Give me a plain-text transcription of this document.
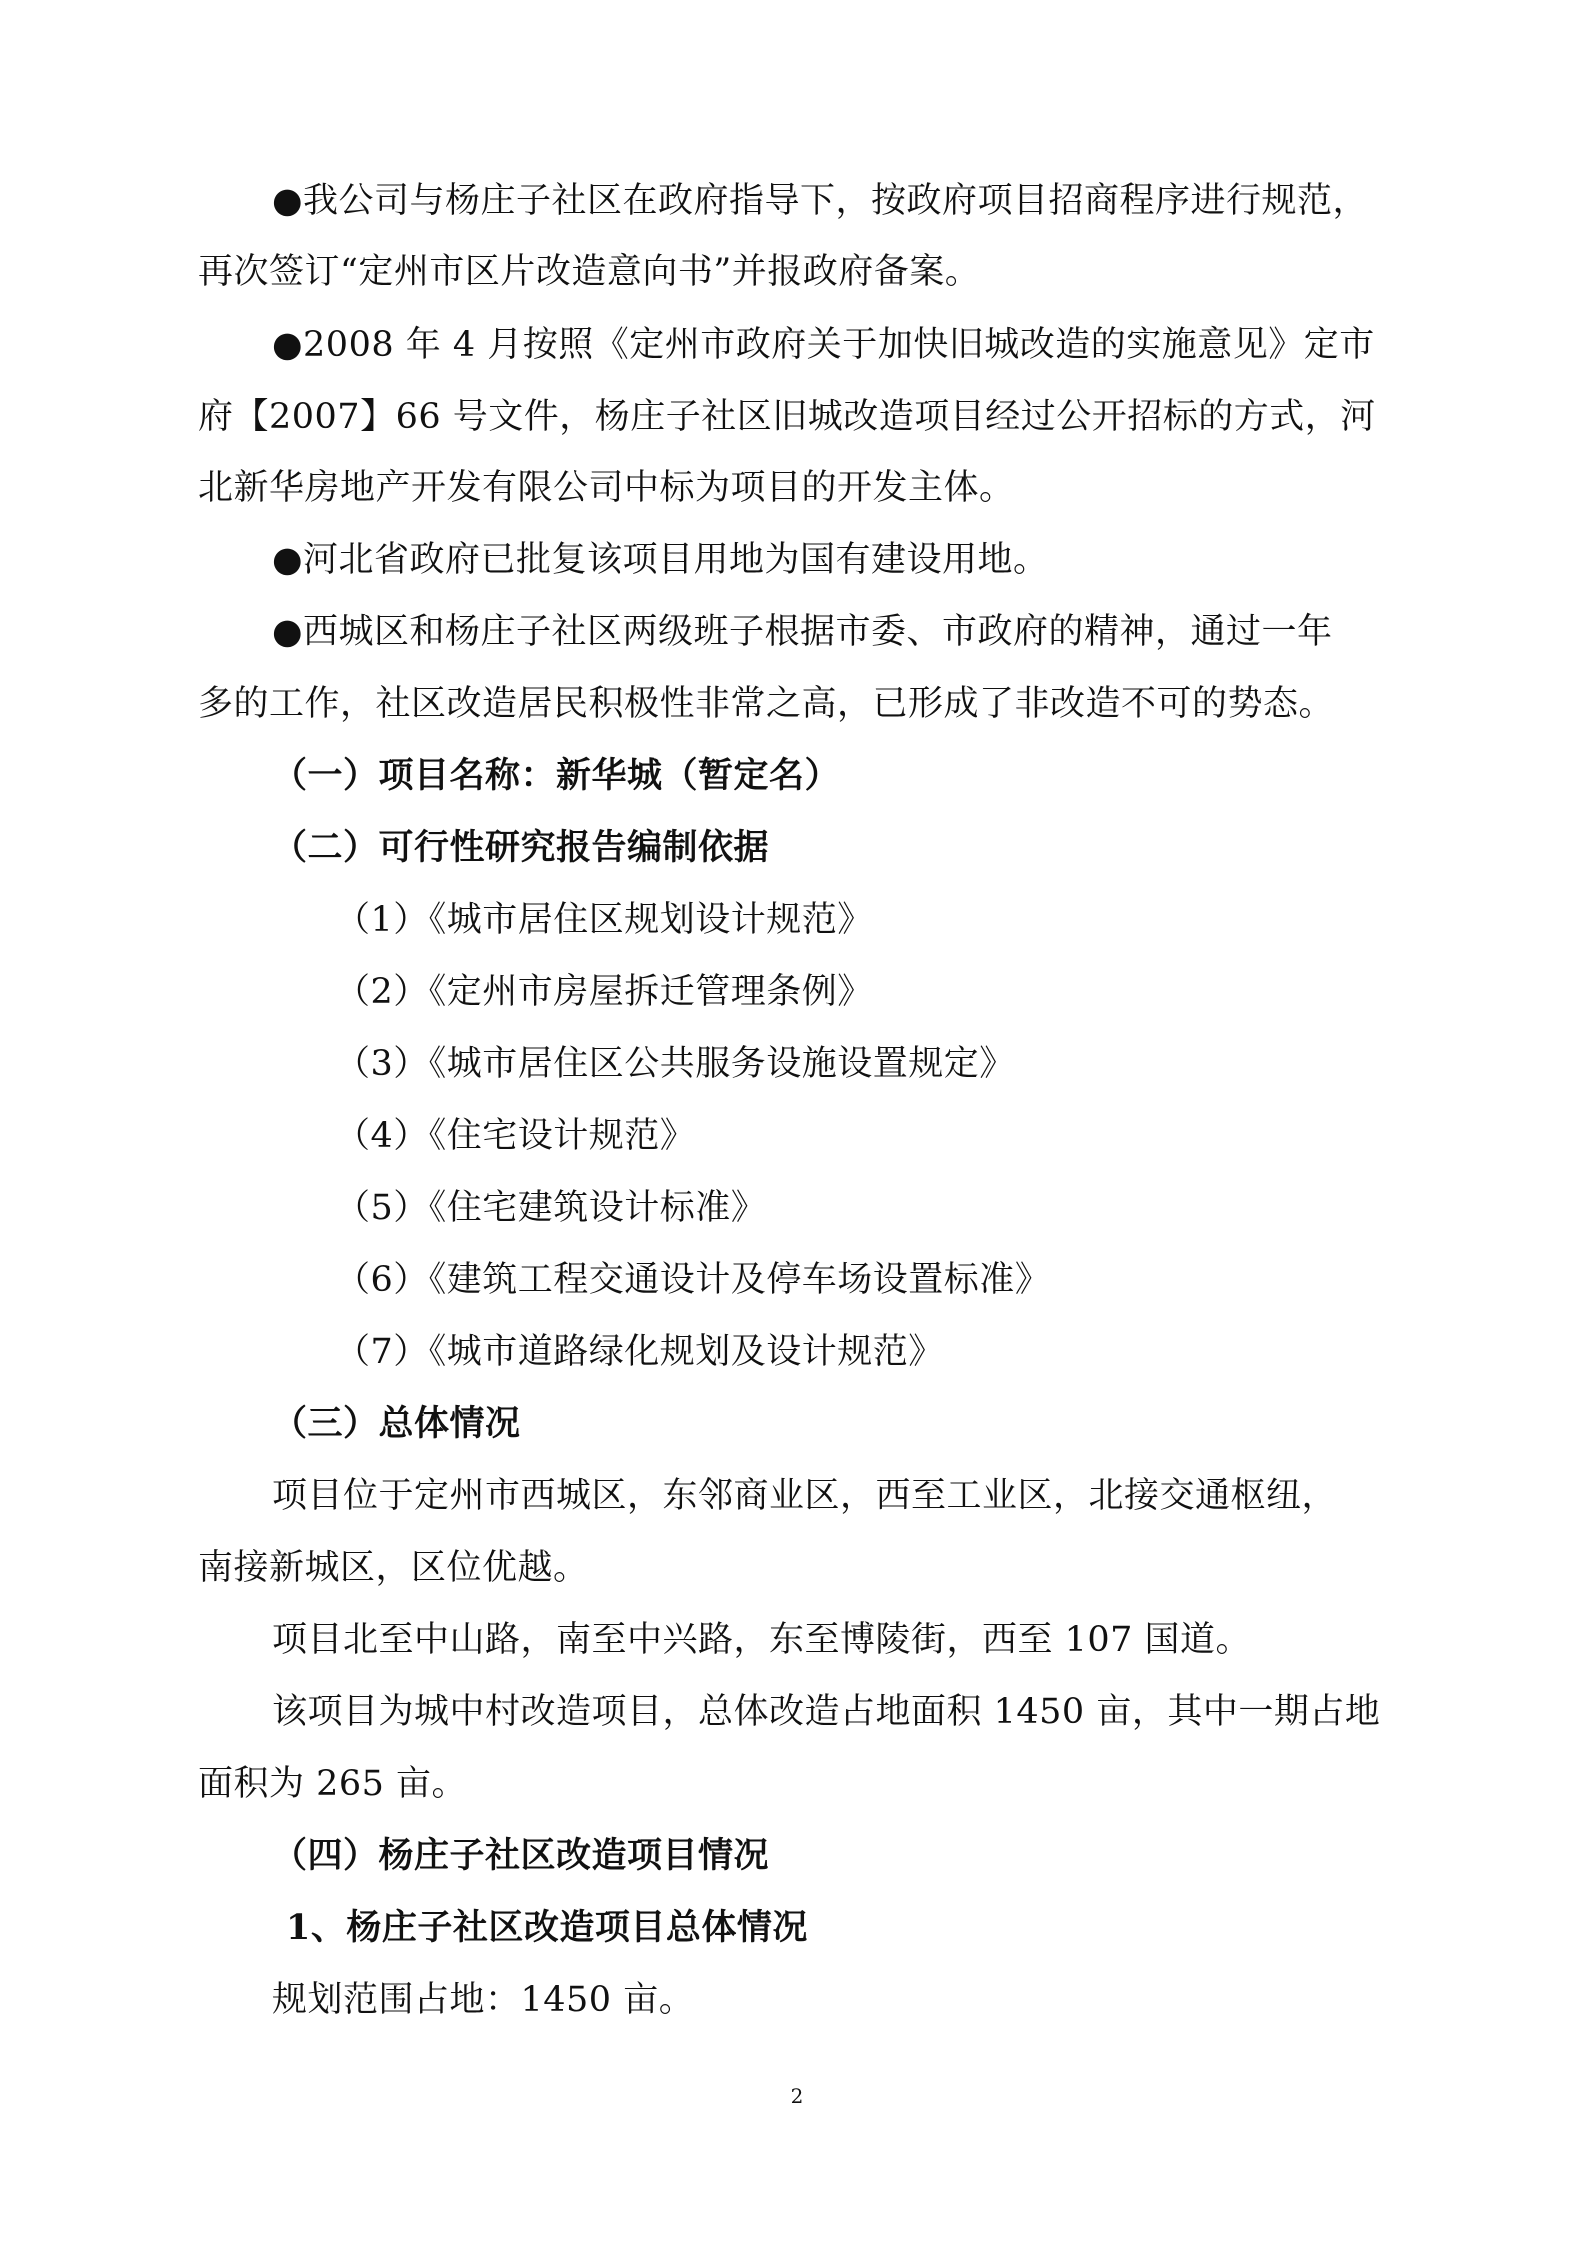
●我公司与杨庄子社区在政府指导下，按政府项目招商程序进行规范，
再次签订“定州市区片改造意向书”并报政府备案。
●2008 年 4 月按照《定州市政府关于加快旧城改造的实施意见》定市
府【2007】66 号文件，杨庄子社区旧城改造项目经过公开招标的方式，河
北新华房地产开发有限公司中标为项目的开发主体。
●河北省政府已批复该项目用地为国有建设用地。
●西城区和杨庄子社区两级班子根据市委、市政府的精神，通过一年
多的工作，社区改造居民积极性非常之高，已形成了非改造不可的势态。
（一）项目名称：新华城（暂定名）
（二）可行性研究报告编制依据
（1）《城市居住区规划设计规范》
（2）《定州市房屋拆迁管理条例》
（3）《城市居住区公共服务设施设置规定》
（4）《住宅设计规范》
（5）《住宅建筑设计标准》
（6）《建筑工程交通设计及停车场设置标准》
（7）《城市道路绿化规划及设计规范》
（三）总体情况
项目位于定州市西城区，东邻商业区，西至工业区，北接交通枢纽，
南接新城区，区位优越。
项目北至中山路，南至中兴路，东至博陵街，西至 107 国道。
该项目为城中村改造项目，总体改造占地面积 1450 亩，其中一期占地
面积为 265 亩。
（四）杨庄子社区改造项目情况
1、杨庄子社区改造项目总体情况
规划范围占地：1450 亩。
2
